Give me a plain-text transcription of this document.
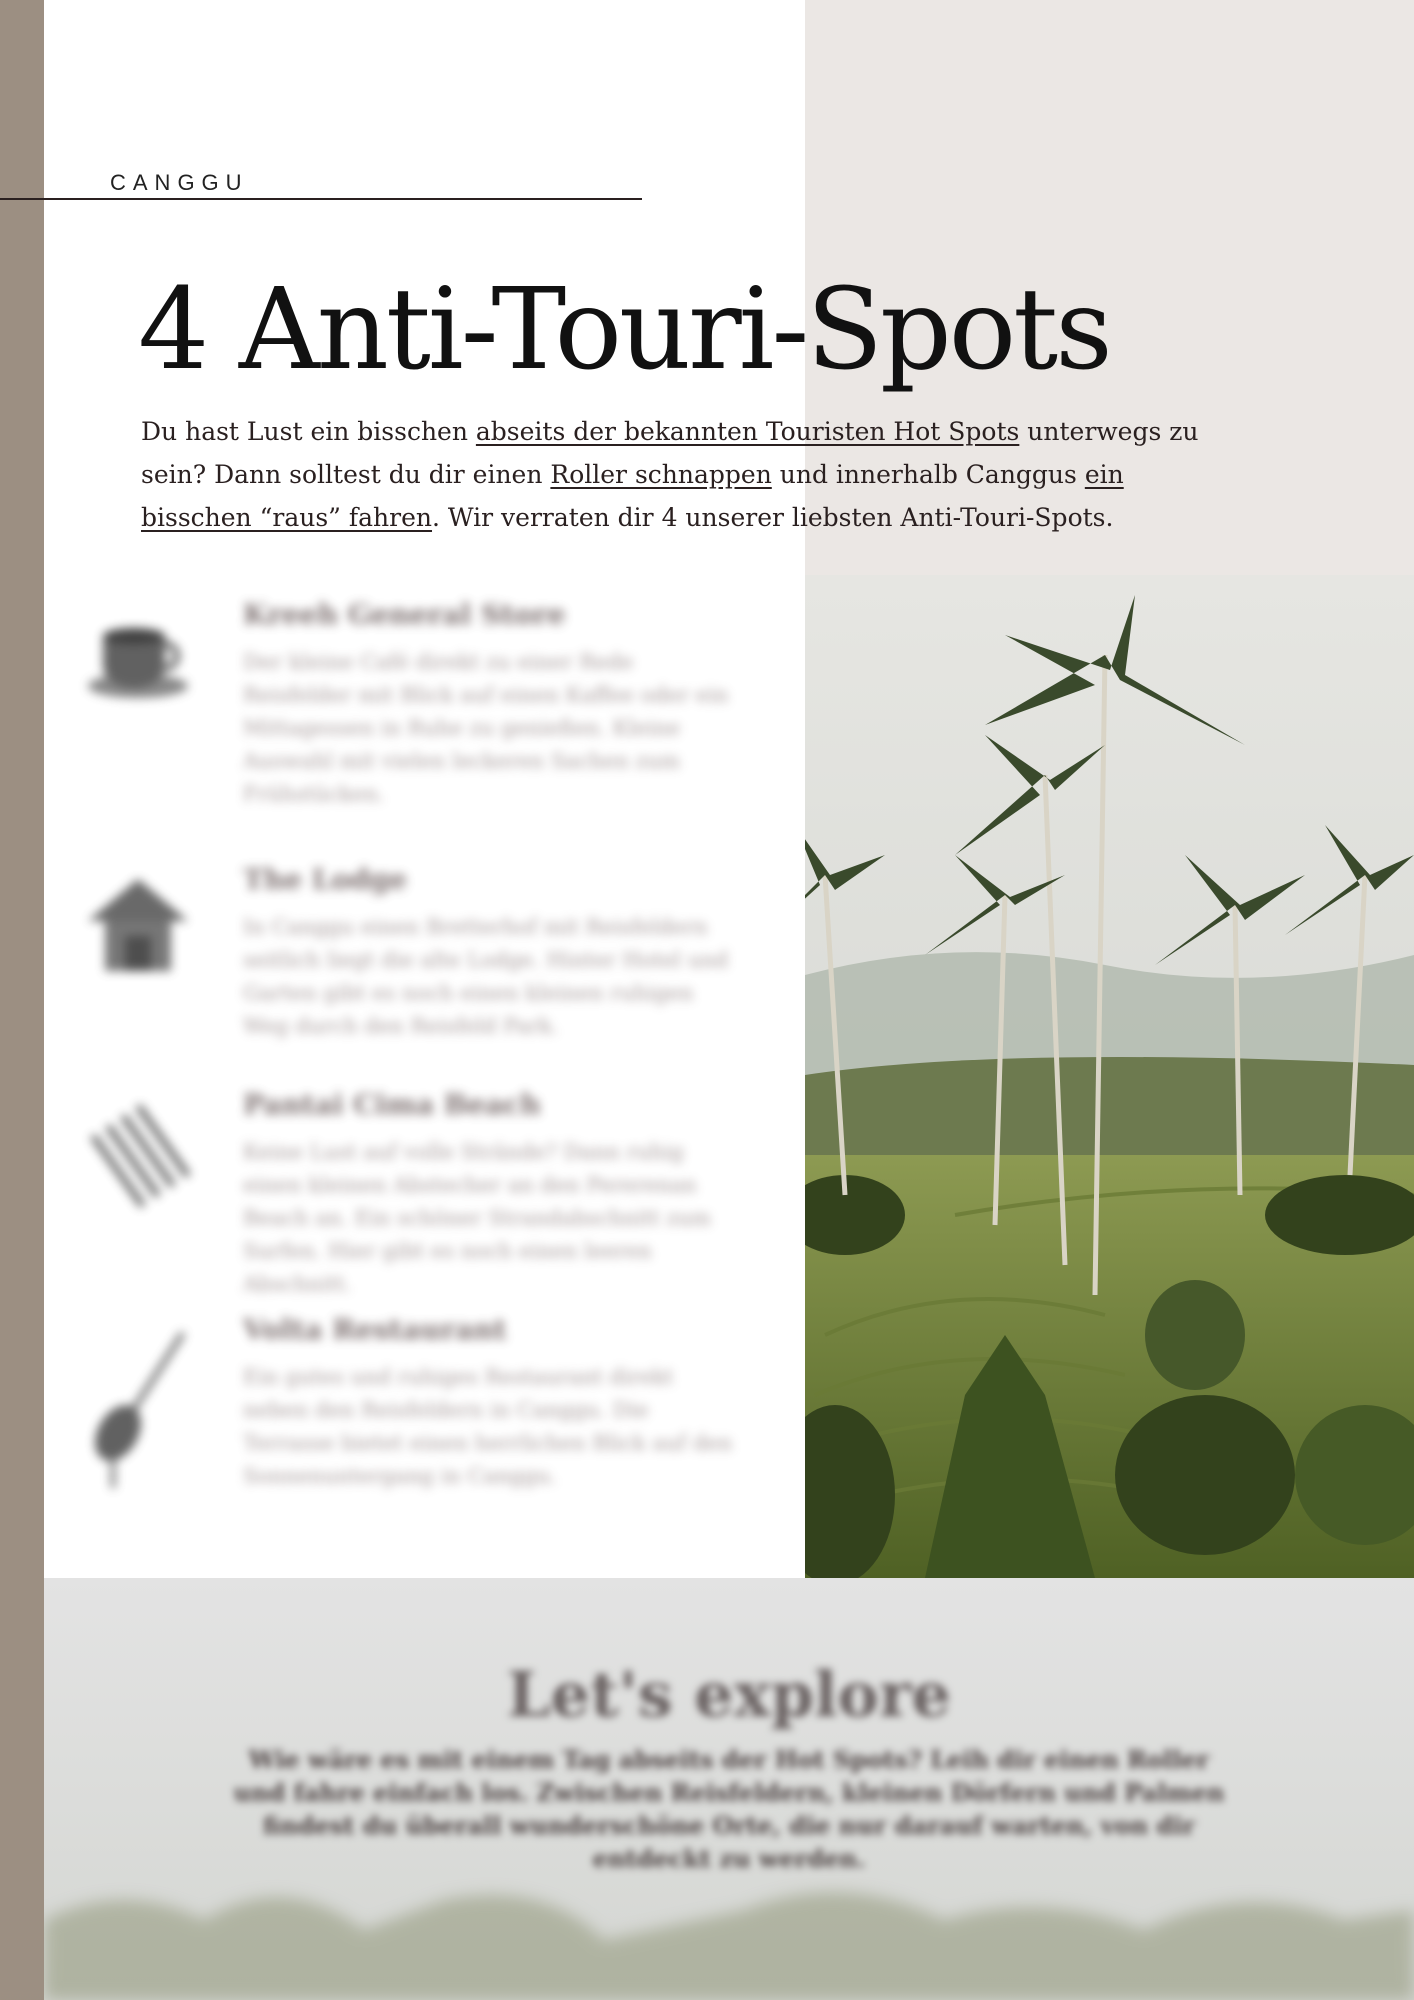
CANGGU
4 Anti-Touri-Spots

Du hast Lust ein bisschen abseits der bekannten Touristen Hot Spots unterwegs zu sein? Dann solltest du dir einen Roller schnappen und innerhalb Canggus ein bisschen “raus” fahren. Wir verraten dir 4 unserer liebsten Anti-Touri-Spots.

Kreeh General Store
Der kleine Café direkt zu einer Rede Reisfelder mit Blick auf einen Kaffee oder ein Mittagessen in Ruhe zu genießen. Kleine Auswahl mit vielen leckeren Sachen zum Frühstücken.
The Lodge
In Canggu einen Bretterhof mit Reisfeldern seitlich liegt die alte Lodge. Hinter Hotel und Garten gibt es noch einen kleinen ruhigen Weg durch den Reisfeld Park.
Pantai Cima Beach
Keine Lust auf volle Strände? Dann ruhig einen kleinen Abstecher an den Pererenan Beach an. Ein schöner Strandabschnitt zum Surfen. Hier gibt es noch einen leeren Abschnitt.
Volta Restaurant
Ein gutes und ruhiges Restaurant direkt neben den Reisfeldern in Canggu. Die Terrasse bietet einen herrlichen Blick auf den Sonnenuntergang in Canggu.
Let's explore
Wie wäre es mit einem Tag abseits der Hot Spots? Leih dir einen Roller und fahre einfach los. Zwischen Reisfeldern, kleinen Dörfern und Palmen findest du überall wunderschöne Orte, die nur darauf warten, von dir entdeckt zu werden.
